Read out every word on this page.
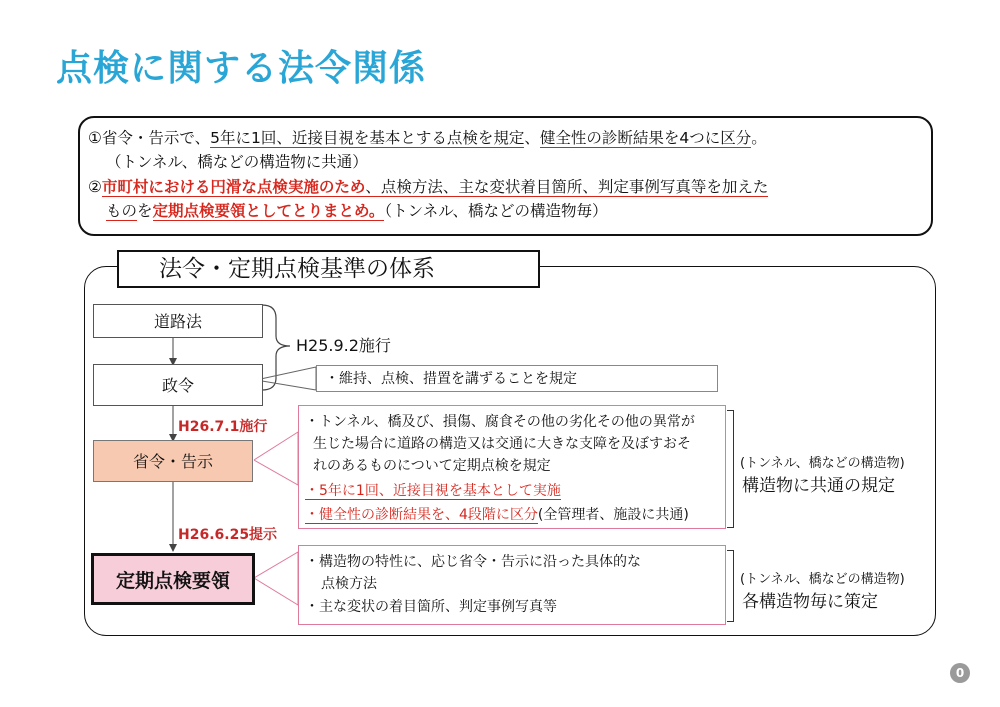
点検に関する法令関係
①省令・告示で、5年に1回、近接目視を基本とする点検を規定、健全性の診断結果を4つに区分。
（トンネル、橋などの構造物に共通）
②市町村における円滑な点検実施のため、点検方法、主な変状着目箇所、判定事例写真等を加えた
ものを定期点検要領としてとりまとめ。（トンネル、橋などの構造物毎）
法令・定期点検基準の体系
道路法
政令
H25.9.2施行
・維持、点検、措置を講ずることを規定
H26.7.1施行
省令・告示
・トンネル、橋及び、損傷、腐食その他の劣化その他の異常が
生じた場合に道路の構造又は交通に大きな支障を及ぼすおそ
れのあるものについて定期点検を規定
・5年に1回、近接目視を基本として実施
・健全性の診断結果を、4段階に区分(全管理者、施設に共通)
(トンネル、橋などの構造物)
構造物に共通の規定
H26.6.25提示
定期点検要領
・構造物の特性に、応じ省令・告示に沿った具体的な
点検方法
・主な変状の着目箇所、判定事例写真等
(トンネル、橋などの構造物)
各構造物毎に策定
0
